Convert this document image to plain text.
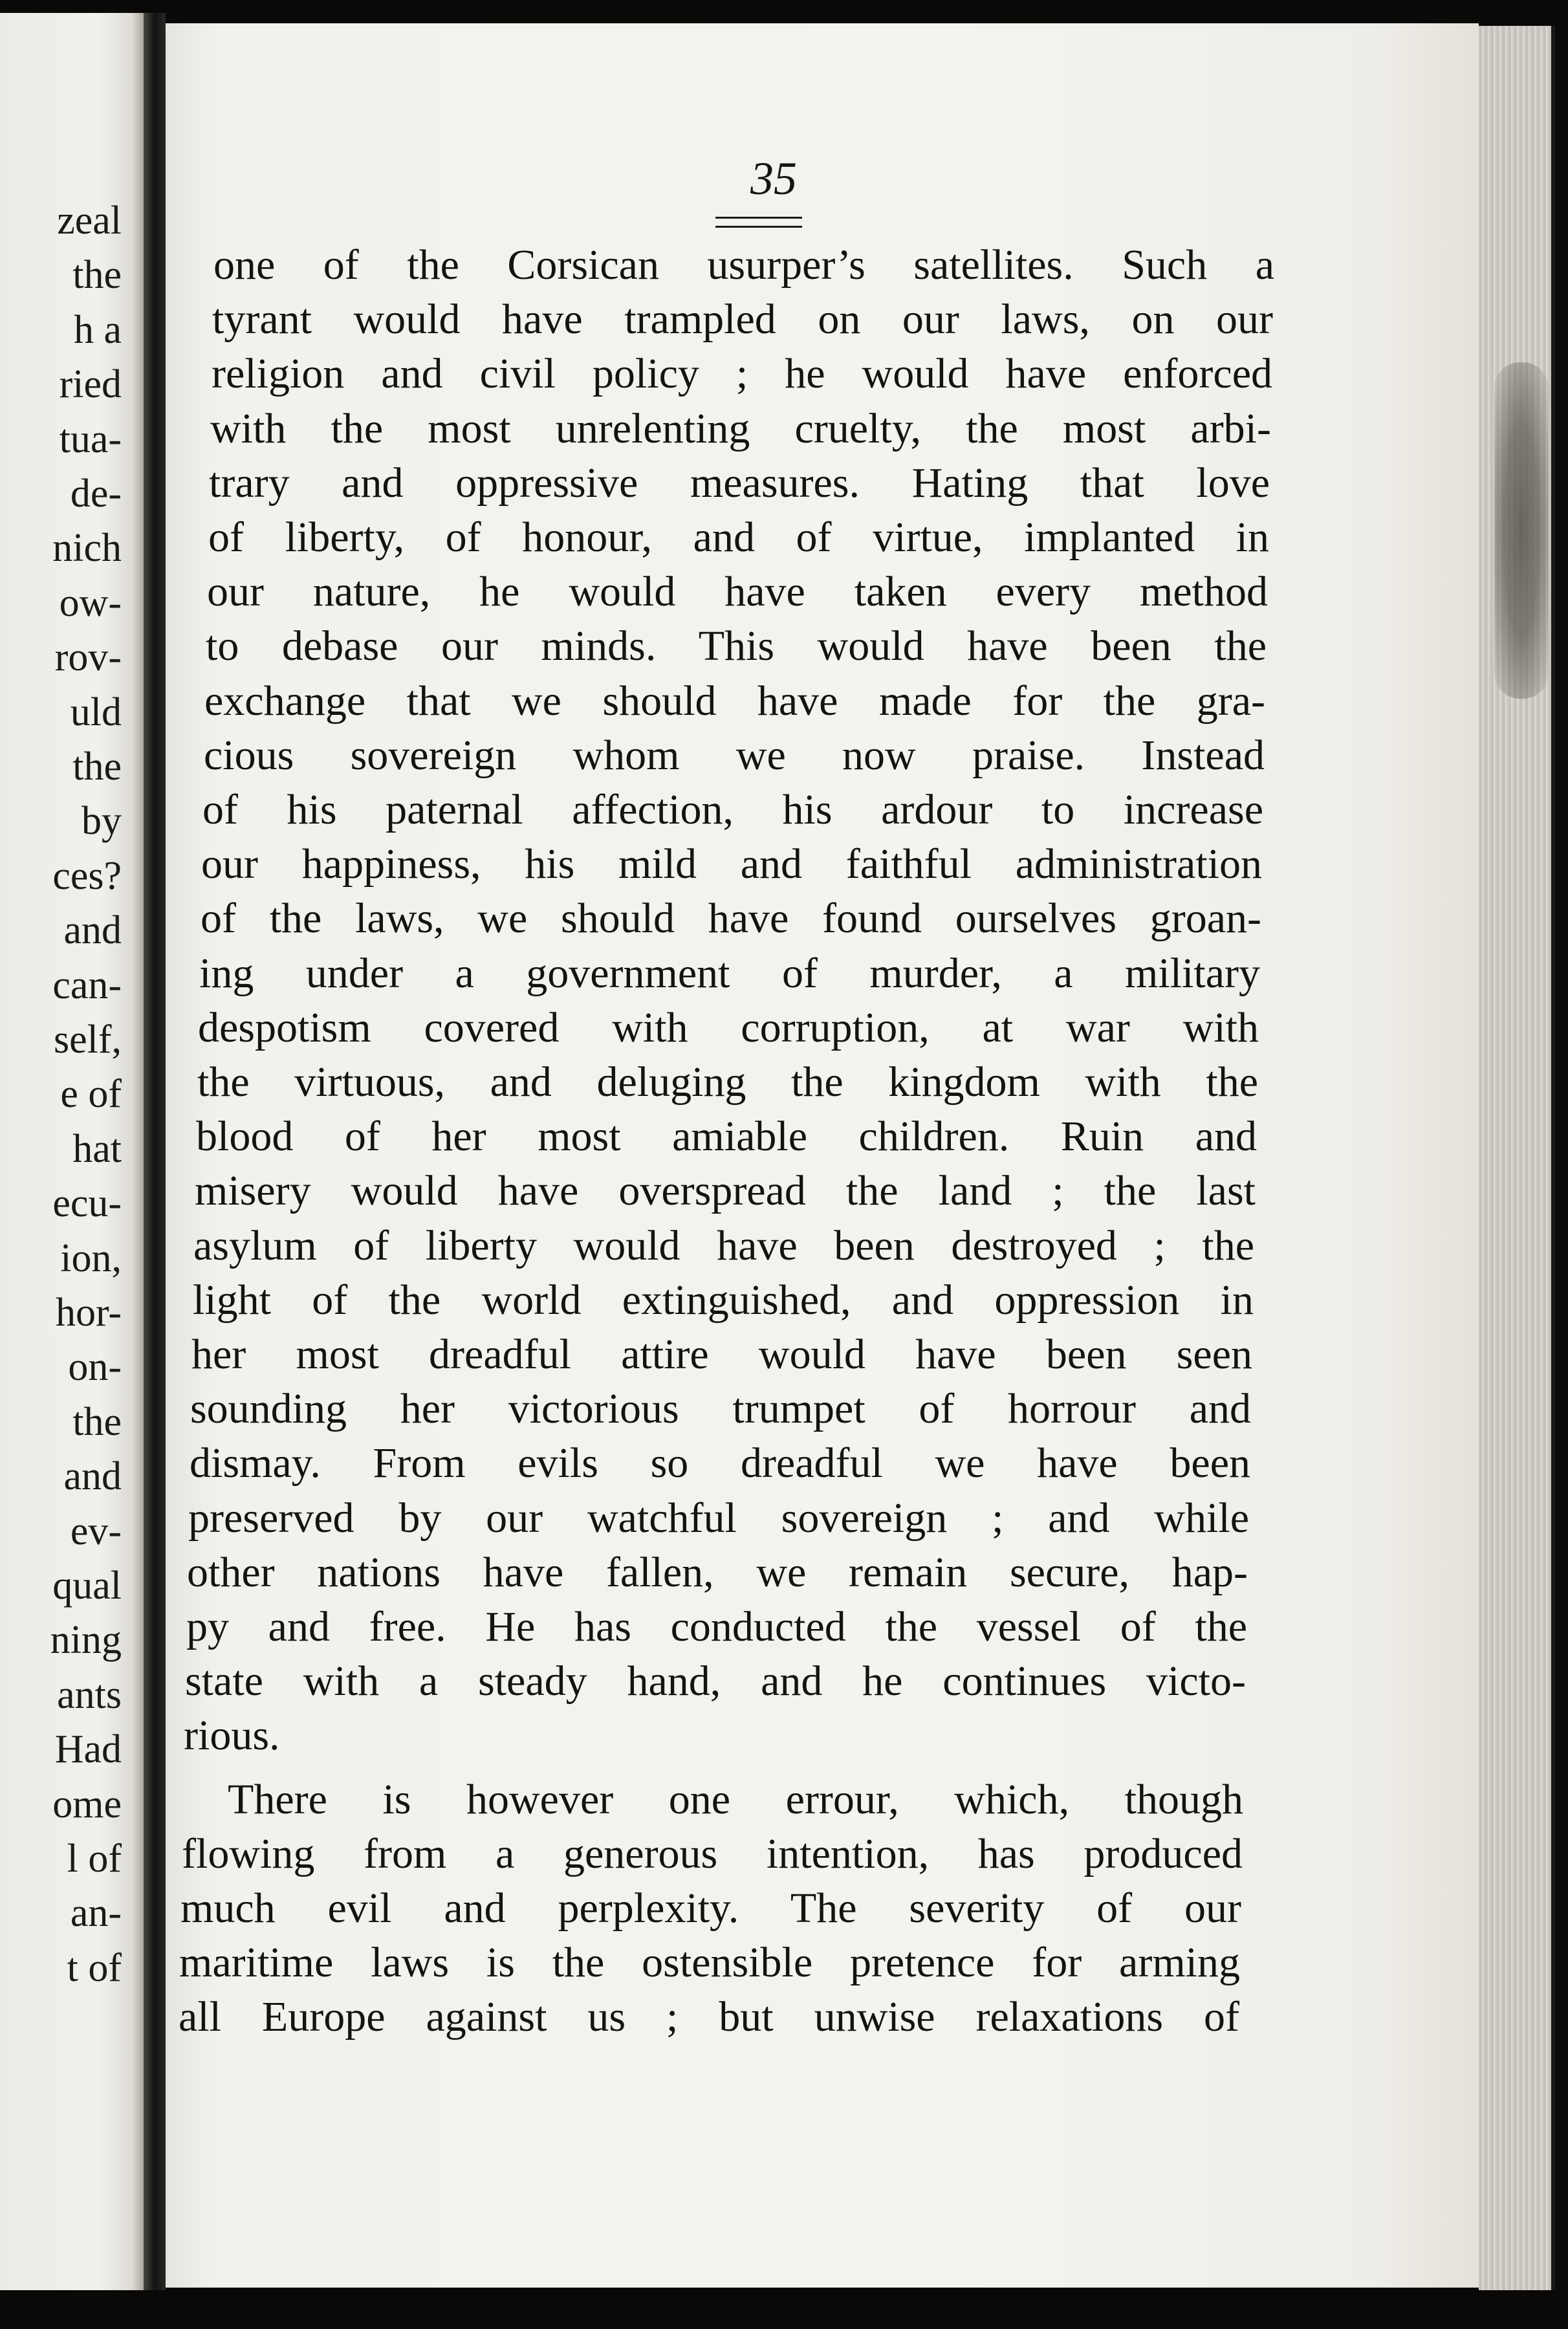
zeal
the
h a
ried
tua-
de-
nich
ow-
rov-
uld
the
by
ces?
and
can-
self,
e of
hat
ecu-
ion,
hor-
on-
the
and
ev-
qual
ning
ants
Had
ome
l of
an-
t of
35
one of the Corsican usurper’s satellites. Such a
tyrant would have trampled on our laws, on our
religion and civil policy ; he would have enforced
with the most unrelenting cruelty, the most arbi-
trary and oppressive measures. Hating that love
of liberty, of honour, and of virtue, implanted in
our nature, he would have taken every method
to debase our minds. This would have been the
exchange that we should have made for the gra-
cious sovereign whom we now praise. Instead
of his paternal affection, his ardour to increase
our happiness, his mild and faithful administration
of the laws, we should have found ourselves groan-
ing under a government of murder, a military
despotism covered with corruption, at war with
the virtuous, and deluging the kingdom with the
blood of her most amiable children. Ruin and
misery would have overspread the land ; the last
asylum of liberty would have been destroyed ; the
light of the world extinguished, and oppression in
her most dreadful attire would have been seen
sounding her victorious trumpet of horrour and
dismay. From evils so dreadful we have been
preserved by our watchful sovereign ; and while
other nations have fallen, we remain secure, hap-
py and free. He has conducted the vessel of the
state with a steady hand, and he continues victo-
rious.
There is however one errour, which, though
flowing from a generous intention, has produced
much evil and perplexity. The severity of our
maritime laws is the ostensible pretence for arming
all Europe against us ; but unwise relaxations of
